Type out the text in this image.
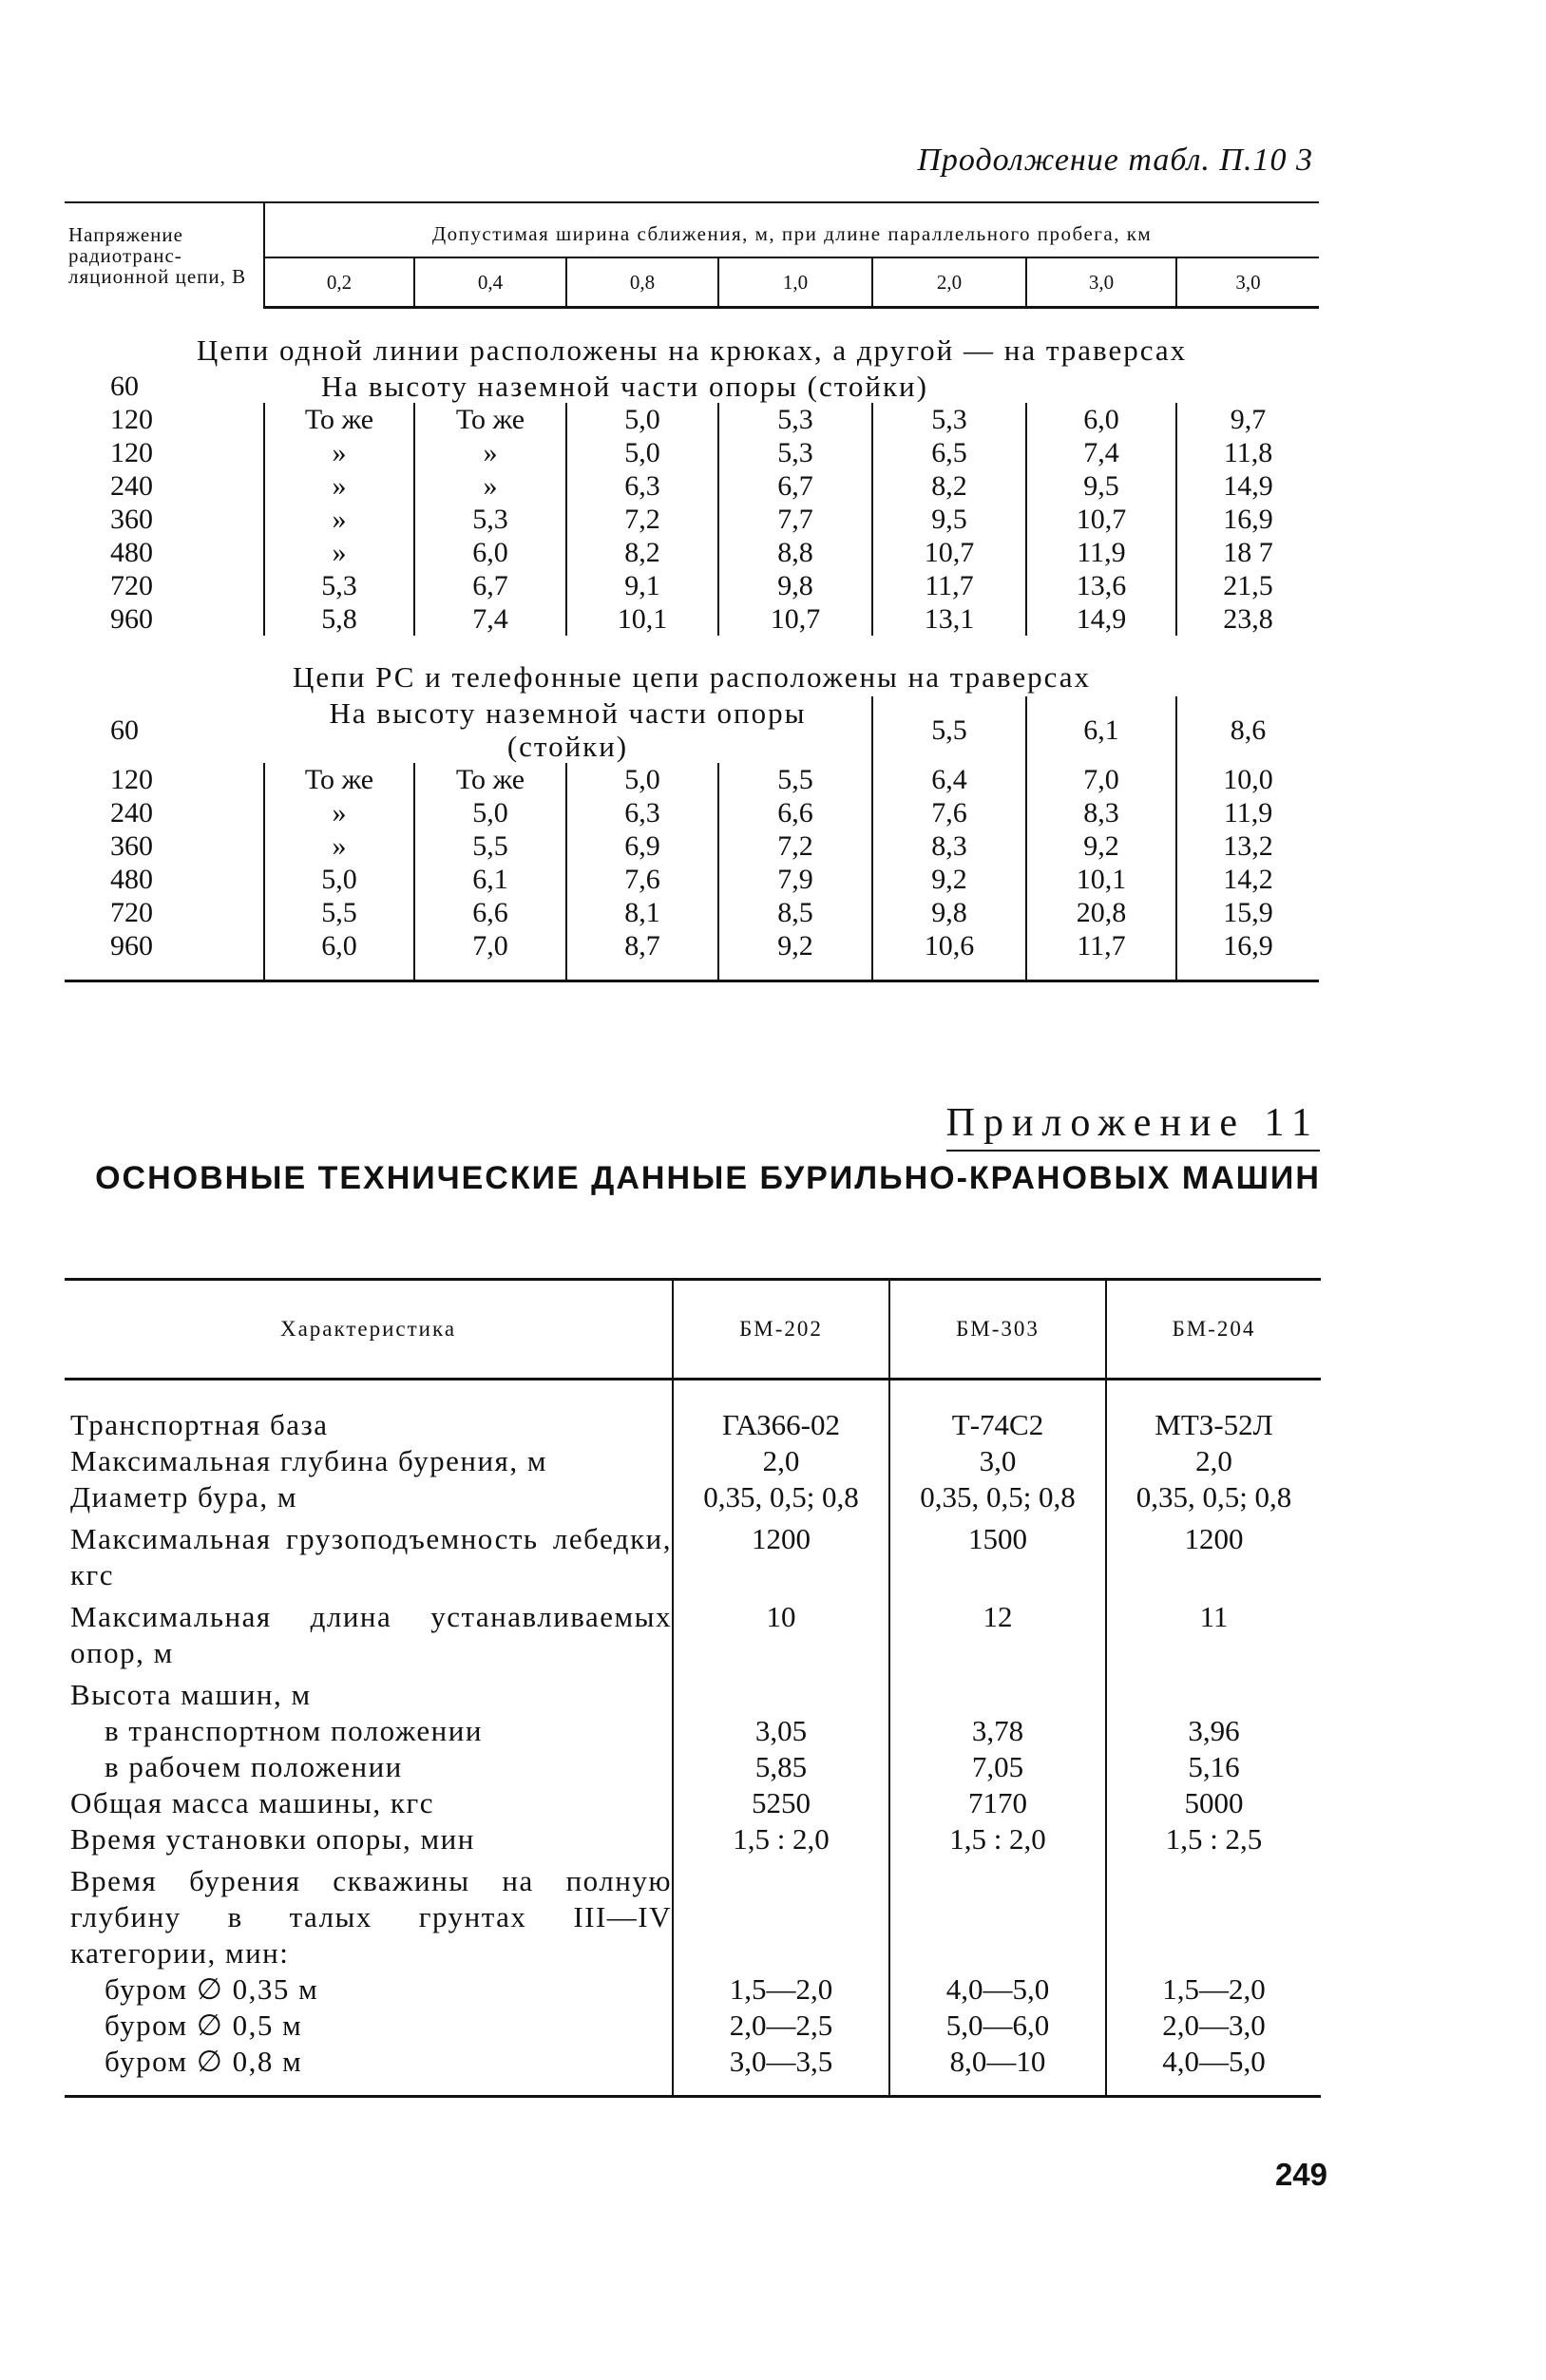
Продолжение табл. П.10 3
Напряжение радиотранс-ляционной цепи, В	Допустимая ширина сближения, м, при длине параллельного пробега, км						
	0,2	0,4	0,8	1,0	2,0	3,0	3,0
Цепи одной линии расположены на крюках, а другой — на траверсах							
60	На высоту наземной части опоры (стойки)						
120	То же	То же	5,0	5,3	5,3	6,0	9,7
120	»	»	5,0	5,3	6,5	7,4	11,8
240	»	»	6,3	6,7	8,2	9,5	14,9
360	»	5,3	7,2	7,7	9,5	10,7	16,9
480	»	6,0	8,2	8,8	10,7	11,9	18 7
720	5,3	6,7	9,1	9,8	11,7	13,6	21,5
960	5,8	7,4	10,1	10,7	13,1	14,9	23,8
Цепи РС и телефонные цепи расположены на траверсах							
60	На высоту наземной части опоры (стойки)				5,5	6,1	8,6
120	То же	То же	5,0	5,5	6,4	7,0	10,0
240	»	5,0	6,3	6,6	7,6	8,3	11,9
360	»	5,5	6,9	7,2	8,3	9,2	13,2
480	5,0	6,1	7,6	7,9	9,2	10,1	14,2
720	5,5	6,6	8,1	8,5	9,8	20,8	15,9
960	6,0	7,0	8,7	9,2	10,6	11,7	16,9
Приложение 11
ОСНОВНЫЕ ТЕХНИЧЕСКИЕ ДАННЫЕ БУРИЛЬНО-КРАНОВЫХ МАШИН
Характеристика	БМ-202	БМ-303	БМ-204
Транспортная база	ГАЗ66-02	Т-74С2	МТЗ-52Л
Максимальная глубина бурения, м	2,0	3,0	2,0
Диаметр бура, м	0,35, 0,5; 0,8	0,35, 0,5; 0,8	0,35, 0,5; 0,8
Максимальная грузоподъемность лебедки, кгс	1200	1500	1200
Максимальная длина устанавливаемых опор, м	10	12	11
Высота машин, м			
в транспортном положении	3,05	3,78	3,96
в рабочем положении	5,85	7,05	5,16
Общая масса машины, кгс	5250	7170	5000
Время установки опоры, мин	1,5 : 2,0	1,5 : 2,0	1,5 : 2,5
Время бурения скважины на полную глубину в талых грунтах III—IV категории, мин:			
буром ∅ 0,35 м	1,5—2,0	4,0—5,0	1,5—2,0
буром ∅ 0,5 м	2,0—2,5	5,0—6,0	2,0—3,0
буром ∅ 0,8 м	3,0—3,5	8,0—10	4,0—5,0
249
